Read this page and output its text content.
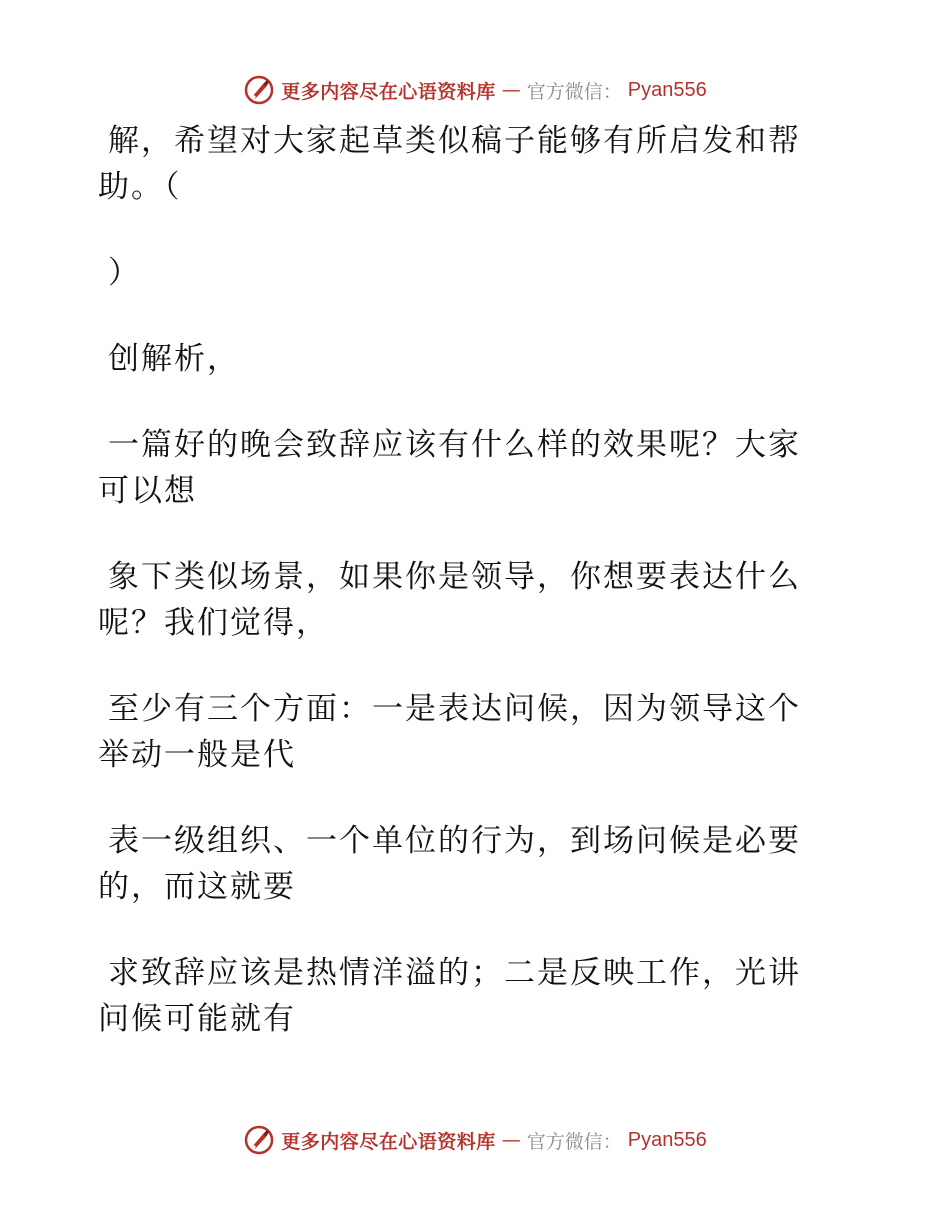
更多内容尽在心语资料库 — 官方微信： Pyan556

解，希望对大家起草类似稿子能够有所启发和帮
助。（

）

创解析，

一篇好的晚会致辞应该有什么样的效果呢？大家
可以想

象下类似场景，如果你是领导，你想要表达什么
呢？我们觉得，

至少有三个方面：一是表达问候，因为领导这个
举动一般是代

表一级组织、一个单位的行为，到场问候是必要
的，而这就要

求致辞应该是热情洋溢的；二是反映工作，光讲
问候可能就有

更多内容尽在心语资料库 — 官方微信： Pyan556
